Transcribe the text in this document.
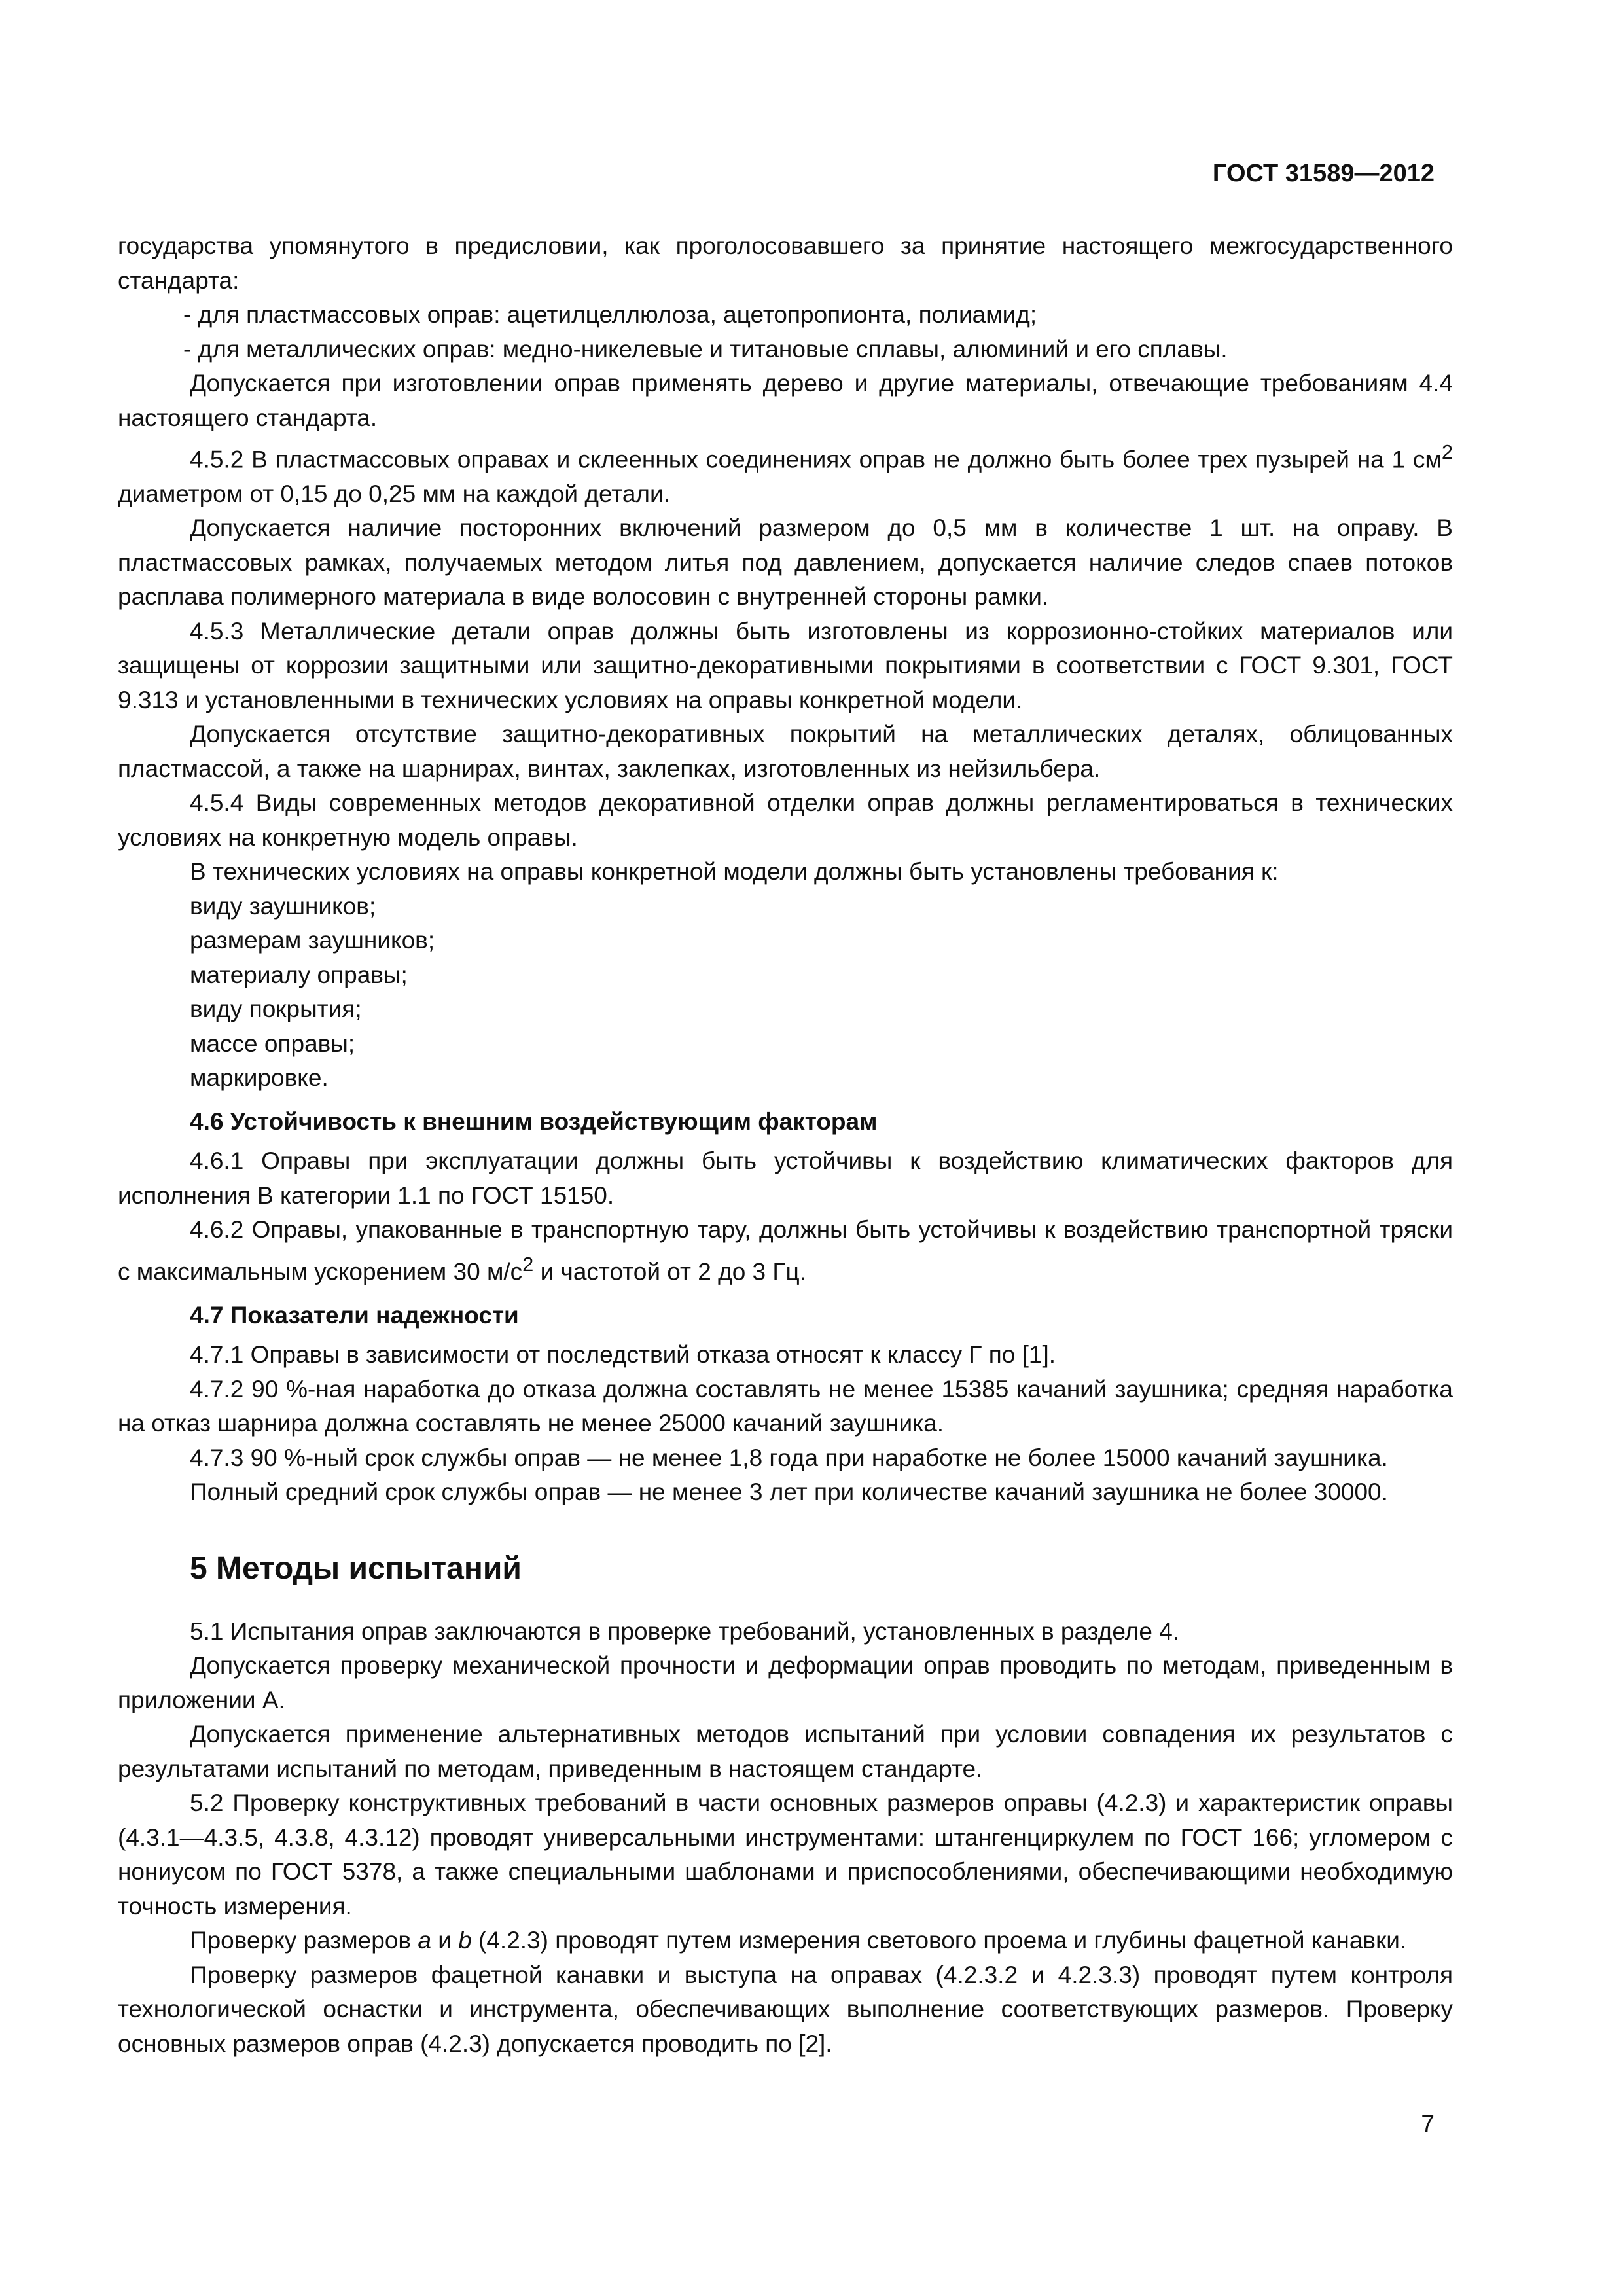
ГОСТ 31589—2012

государства упомянутого в предисловии, как проголосовавшего за принятие настоящего межгосударственного стандарта:

- для пластмассовых оправ: ацетилцеллюлоза, ацетопропионта, полиамид;

- для металлических оправ: медно-никелевые и титановые сплавы, алюминий и его сплавы.

Допускается при изготовлении оправ применять дерево и другие материалы, отвечающие требованиям 4.4 настоящего стандарта.

4.5.2 В пластмассовых оправах и склеенных соединениях оправ не должно быть более трех пузырей на 1 $см^2$ диаметром от 0,15 до 0,25 мм на каждой детали.

Допускается наличие посторонних включений размером до 0,5 мм в количестве 1 шт. на оправу. В пластмассовых рамках, получаемых методом литья под давлением, допускается наличие следов спаев потоков расплава полимерного материала в виде волосовин с внутренней стороны рамки.

4.5.3 Металлические детали оправ должны быть изготовлены из коррозионно-стойких материалов или защищены от коррозии защитными или защитно-декоративными покрытиями в соответствии с ГОСТ 9.301, ГОСТ 9.313 и установленными в технических условиях на оправы конкретной модели.

Допускается отсутствие защитно-декоративных покрытий на металлических деталях, облицованных пластмассой, а также на шарнирах, винтах, заклепках, изготовленных из нейзильбера.

4.5.4 Виды современных методов декоративной отделки оправ должны регламентироваться в технических условиях на конкретную модель оправы.

В технических условиях на оправы конкретной модели должны быть установлены требования к:

виду заушников;

размерам заушников;

материалу оправы;

виду покрытия;

массе оправы;

маркировке.

4.6 Устойчивость к внешним воздействующим факторам

4.6.1 Оправы при эксплуатации должны быть устойчивы к воздействию климатических факторов для исполнения В категории 1.1 по ГОСТ 15150.

4.6.2 Оправы, упакованные в транспортную тару, должны быть устойчивы к воздействию транспортной тряски с максимальным ускорением 30 $м/с^2$ и частотой от 2 до 3 Гц.

4.7 Показатели надежности

4.7.1 Оправы в зависимости от последствий отказа относят к классу Г по [1].

4.7.2 90 %-ная наработка до отказа должна составлять не менее 15385 качаний заушника; средняя наработка на отказ шарнира должна составлять не менее 25000 качаний заушника.

4.7.3 90 %-ный срок службы оправ — не менее 1,8 года при наработке не более 15000 качаний заушника.

Полный средний срок службы оправ — не менее 3 лет при количестве качаний заушника не более 30000.

5 Методы испытаний

5.1 Испытания оправ заключаются в проверке требований, установленных в разделе 4.

Допускается проверку механической прочности и деформации оправ проводить по методам, приведенным в приложении А.

Допускается применение альтернативных методов испытаний при условии совпадения их результатов с результатами испытаний по методам, приведенным в настоящем стандарте.

5.2 Проверку конструктивных требований в части основных размеров оправы (4.2.3) и характеристик оправы (4.3.1—4.3.5, 4.3.8, 4.3.12) проводят универсальными инструментами: штангенциркулем по ГОСТ 166; угломером с нониусом по ГОСТ 5378, а также специальными шаблонами и приспособлениями, обеспечивающими необходимую точность измерения.

Проверку размеров a и b (4.2.3) проводят путем измерения светового проема и глубины фацетной канавки.

Проверку размеров фацетной канавки и выступа на оправах (4.2.3.2 и 4.2.3.3) проводят путем контроля технологической оснастки и инструмента, обеспечивающих выполнение соответствующих размеров. Проверку основных размеров оправ (4.2.3) допускается проводить по [2].

7
